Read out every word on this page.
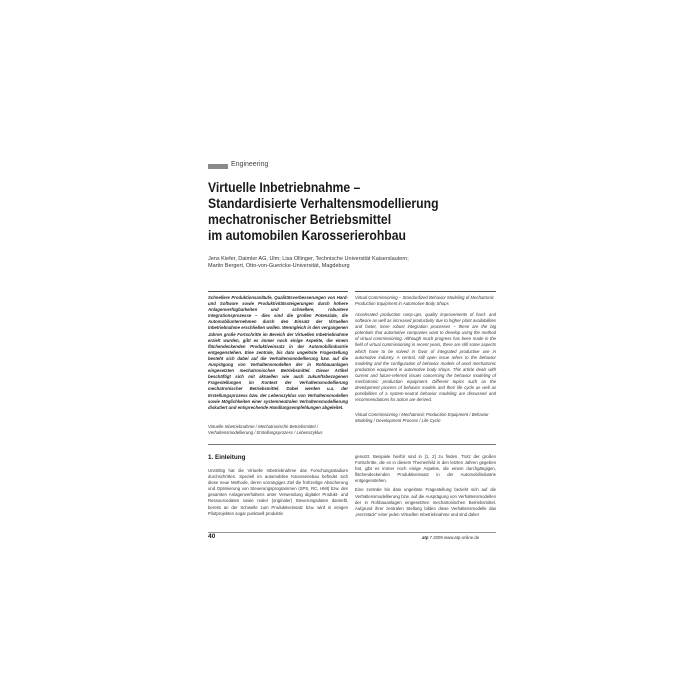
Engineering
Virtuelle Inbetriebnahme –
Standardisierte Verhaltensmodellierung
mechatronischer Betriebsmittel
im automobilen Karosserierohbau
Jens Kiefer, Daimler AG, Ulm; Lisa Ollinger, Technische Universität Kaiserslautern;
Martin Bergert, Otto-von-Guericke-Universität, Magdeburg
Schnellere Produktionsanläufe, Qualitätsverbesserungen von Hard- und Software sowie Produktivitätssteigerungen durch höhere Anlagenverfügbarkeiten und schnellere, robustere Integrationsprozesse – dies sind die großen Potenziale, die Automobilunternehmen durch den Einsatz der Virtuellen Inbetriebnahme erschließen wollen. Wenngleich in den vergangenen Jahren große Fortschritte im Bereich der Virtuellen Inbetriebnahme erzielt wurden, gibt es immer noch einige Aspekte, die einem flächendeckenden Produktiveinsatz in der Automobilindustrie entgegenstehen. Eine zentrale, bis dato ungelöste Fragestellung besteht sich dabei auf die Verhaltensmodellierung bzw. auf die Ausprägung von Verhaltensmodellen der in Rohbauanlagen eingesetzten mechatronischen Betriebsmittel. Dieser Artikel beschäftigt sich mit aktuellen wie auch zukunftsbezogenen Fragestellungen im Kontext der Verhaltensmodellierung mechatronischer Betriebsmittel. Dabei werden u.a. der Erstellungsprozess bzw. der Lebenszyklus von Verhaltensmodellen sowie Möglichkeiten einer systemneutralen Verhaltensmodellierung diskutiert und entsprechende Handlungsempfehlungen abgeleitet.
Virtuelle Inbetriebnahme / Mechatronische Betriebsmittel / Verhaltensmodellierung / Erstellungsprozess / Lebenszyklus
Virtual Commissioning – Standardized Behavior Modeling of Mechatronic Production Equipment in Automotive Body Shops
Accelerated production ramp-ups, quality improvements of hard- and software as well as increased productivity due to higher plant availabilities and faster, more robust integration processes – these are the big potentials that automotive companies want to develop using the method of virtual commissioning. Although much progress has been made in the field of virtual commissioning in recent years, there are still some aspects which have to be solved in favor of integrated productive use in automotive industry. A central, still open issue refers to the behavior modeling and the configuration of behavior models of used mechatronic production equipment in automotive body shops. This article deals with current and future-referred issues concerning the behavior modeling of mechatronic production equipment. Different topics such as the development process of behavior models and their life cycle as well as possibilities of a system-neutral behavior modeling are discussed and recommendations for action are derived.
Virtual Commissioning / Mechatronic Production Equipment / Behavior Modeling / Development Process / Life Cycle
1. Einleitung
Unstrittig hat die Virtuelle Inbetriebnahme das Forschungsstadium durchschritten. Speziell im automobilen Karosseriebau befindet sich diese neue Methode, deren vorrangiges Ziel die frühzeitige Absicherung und Optimierung von Steuerungsprogrammen (SPS, RC, HMI) bzw. des gesamten Anlagenverhaltens unter Verwendung digitaler Produkt- und Ressourcedaten sowie realer (originaler) Steuerungsdaten darstellt, bereits an der Schwelle zum Produktiveinsatz bzw. wird in einigen Pilotprojekten sogar punktuell produktiv

genutzt. Beispiele hierfür sind in [1, 2] zu finden. Trotz der großen Fortschritte, die es in diesem Themenfeld in den letzten Jahren gegeben hat, gibt es immer noch einige Aspekte, die einem durchgängigen, flächendeckenden Produktiveinsatz in der Automobilindustrie entgegenstehen.

Eine zentrale bis dato ungelöste Fragestellung bezieht sich auf die Verhaltensmodellierung bzw. auf die Ausprägung von Verhaltensmodellen der in Rohbauanlagen eingesetzten mechatronischen Betriebsmittel. Aufgrund ihrer zentralen Stellung bilden diese Verhaltensmodelle das „Herzstück" einer jeden Virtuellen Inbetriebnahme und sind daher

40	atp 7.2009 www.atp-online.de
